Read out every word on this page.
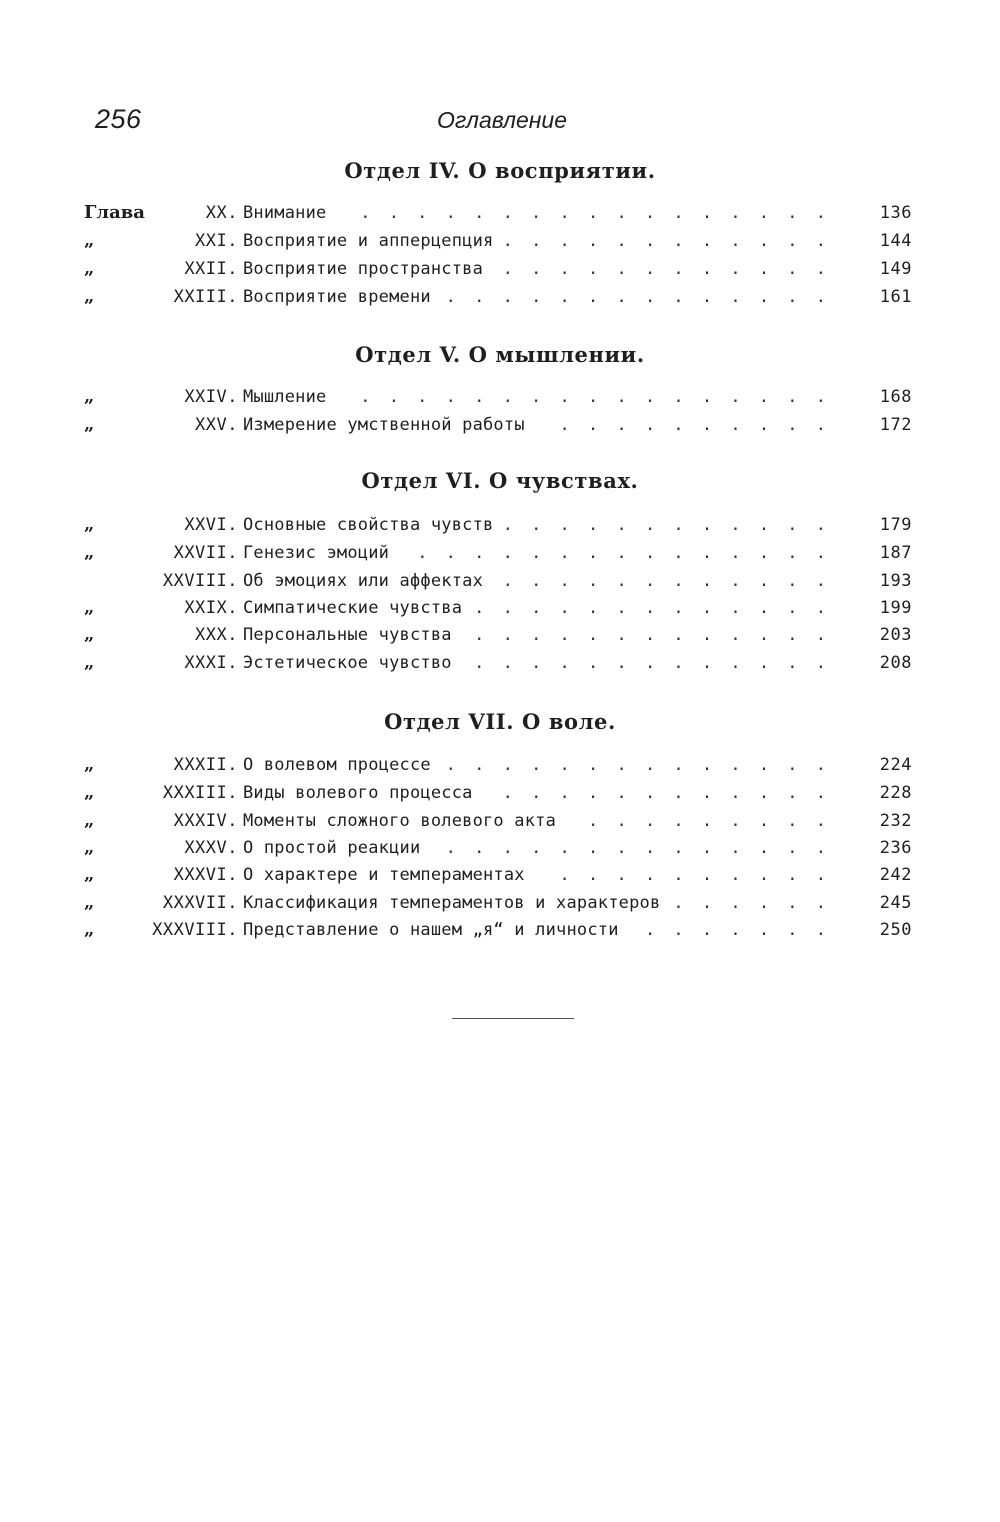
256	Оглавление
Отдел IV. О восприятии.
Глава	XX. Внимание	136
. . . . . . . . . . . . . . . . .
„	XXI. Восприятие и апперцепция	144
. . . . . . . . . . . .
„	XXII. Восприятие пространства	149
. . . . . . . . . . . .
„	XXIII. Восприятие времени	161
. . . . . . . . . . . . . .
Отдел V. О мышлении.
„	XXIV. Мышление	168
. . . . . . . . . . . . . . . . .
„	XXV. Измерение умственной работы	172
. . . . . . . . . .
Отдел VI. О чувствах.
„	XXVI. Основные свойства чувств	179
. . . . . . . . . . . .
„	XXVII. Генезис эмоций	187
. . . . . . . . . . . . . . .
XXVIII. Об эмоциях или аффектах	193
. . . . . . . . . . . .
„	XXIX. Симпатические чувства	199
. . . . . . . . . . . . .
„	XXX. Персональные чувства	203
. . . . . . . . . . . . .
„	XXXI. Эстетическое чувство	208
. . . . . . . . . . . . .
Отдел VII. О воле.
„	XXXII. О волевом процессе	224
. . . . . . . . . . . . . .
„	XXXIII. Виды волевого процесса	228
. . . . . . . . . . . .
„	XXXIV. Моменты сложного волевого акта	232
. . . . . . . . .
„	XXXV. О простой реакции	236
. . . . . . . . . . . . . .
„	XXXVI. О характере и темпераментах	242
. . . . . . . . . .
„	XXXVII. Классификация темпераментов и характеров	245
. . . . . .
„	XXXVIII. Представление о нашем „я“ и личности	250
. . . . . . .
